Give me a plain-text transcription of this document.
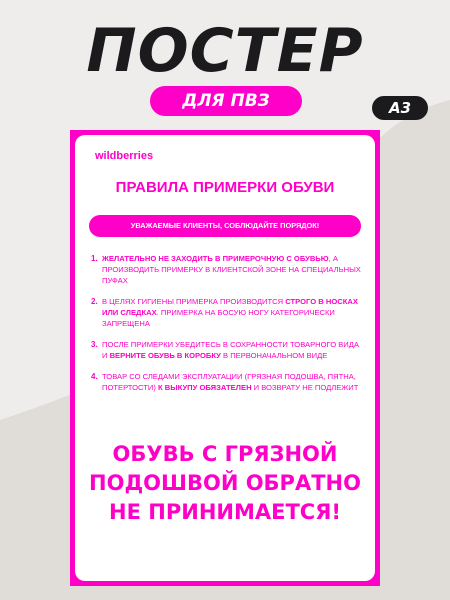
ПОСТЕР
ДЛЯ ПВЗ	А3
wildberries
ПРАВИЛА ПРИМЕРКИ ОБУВИ
УВАЖАЕМЫЕ КЛИЕНТЫ, СОБЛЮДАЙТЕ ПОРЯДОК!
1. ЖЕЛАТЕЛЬНО НЕ ЗАХОДИТЬ В ПРИМЕРОЧНУЮ С ОБУВЬЮ, А ПРОИЗВОДИТЬ ПРИМЕРКУ В КЛИЕНТСКОЙ ЗОНЕ НА СПЕЦИАЛЬНЫХ ПУФАХ
2. В ЦЕЛЯХ ГИГИЕНЫ ПРИМЕРКА ПРОИЗВОДИТСЯ СТРОГО В НОСКАХ ИЛИ СЛЕДКАХ. ПРИМЕРКА НА БОСУЮ НОГУ КАТЕГОРИЧЕСКИ ЗАПРЕЩЕНА
3. ПОСЛЕ ПРИМЕРКИ УБЕДИТЕСЬ В СОХРАННОСТИ ТОВАРНОГО ВИДА И ВЕРНИТЕ ОБУВЬ В КОРОБКУ В ПЕРВОНАЧАЛЬНОМ ВИДЕ
4. ТОВАР СО СЛЕДАМИ ЭКСПЛУАТАЦИИ (ГРЯЗНАЯ ПОДОШВА, ПЯТНА, ПОТЕРТОСТИ) К ВЫКУПУ ОБЯЗАТЕЛЕН И ВОЗВРАТУ НЕ ПОДЛЕЖИТ
ОБУВЬ С ГРЯЗНОЙ
ПОДОШВОЙ ОБРАТНО
НЕ ПРИНИМАЕТСЯ!
